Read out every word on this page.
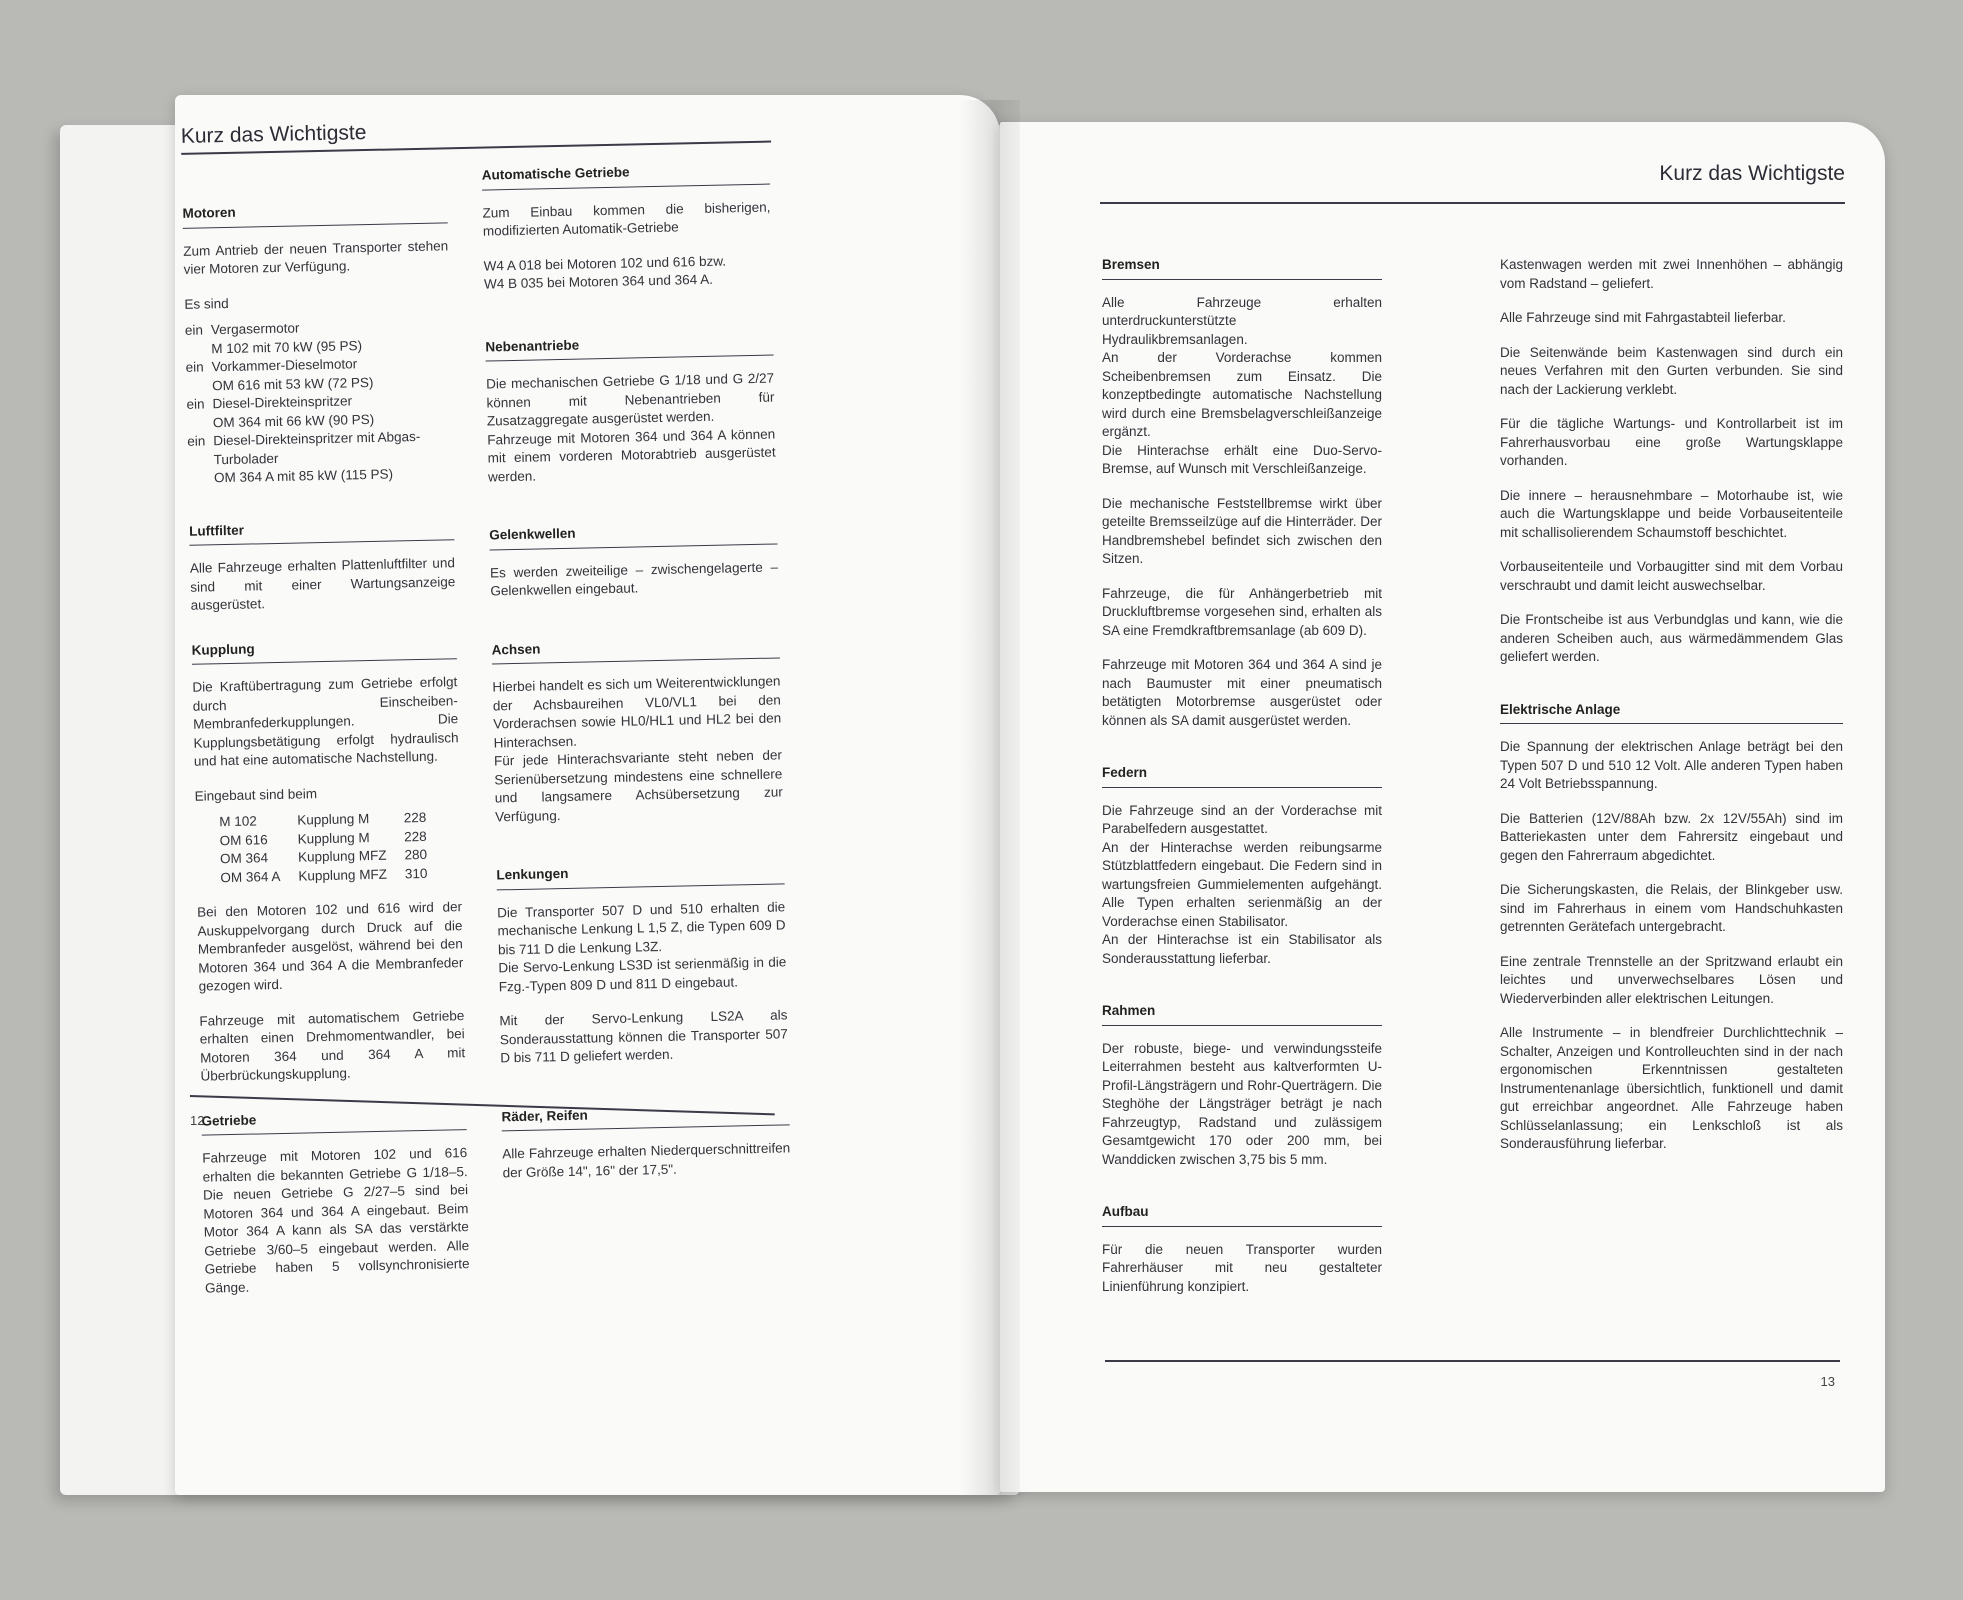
Kurz das Wichtigste
Motoren

Zum Antrieb der neuen Transporter stehen vier Motoren zur Verfügung.

Es sind

ein Vergasermotor
M 102 mit 70 kW (95 PS)
ein Vorkammer-Dieselmotor
OM 616 mit 53 kW (72 PS)
ein Diesel-Direkteinspritzer
OM 364 mit 66 kW (90 PS)
ein Diesel-Direkteinspritzer mit Abgas-Turbolader
OM 364 A mit 85 kW (115 PS)
Luftfilter

Alle Fahrzeuge erhalten Plattenluftfilter und sind mit einer Wartungsanzeige ausgerüstet.

Kupplung

Die Kraftübertragung zum Getriebe erfolgt durch Einscheiben-Membranfederkupplungen. Die Kupplungsbetätigung erfolgt hydraulisch und hat eine automatische Nachstellung.

Eingebaut sind beim

M 102	Kupplung M	228
OM 616	Kupplung M	228
OM 364	Kupplung MFZ	280
OM 364 A	Kupplung MFZ	310

Bei den Motoren 102 und 616 wird der Auskuppelvorgang durch Druck auf die Membranfeder ausgelöst, während bei den Motoren 364 und 364 A die Membranfeder gezogen wird.

Fahrzeuge mit automatischem Getriebe erhalten einen Drehmomentwandler, bei Motoren 364 und 364 A mit Überbrückungskupplung.

Getriebe

Fahrzeuge mit Motoren 102 und 616 erhalten die bekannten Getriebe G 1/18–5. Die neuen Getriebe G 2/27–5 sind bei Motoren 364 und 364 A eingebaut. Beim Motor 364 A kann als SA das verstärkte Getriebe 3/60–5 eingebaut werden. Alle Getriebe haben 5 vollsynchronisierte Gänge.

Automatische Getriebe

Zum Einbau kommen die bisherigen, modifizierten Automatik-Getriebe

W4 A 018 bei Motoren 102 und 616 bzw.

W4 B 035 bei Motoren 364 und 364 A.

Nebenantriebe

Die mechanischen Getriebe G 1/18 und G 2/27 können mit Nebenantrieben für Zusatzaggregate ausgerüstet werden.

Fahrzeuge mit Motoren 364 und 364 A können mit einem vorderen Motorabtrieb ausgerüstet werden.

Gelenkwellen

Es werden zweiteilige – zwischengelagerte – Gelenkwellen eingebaut.

Achsen

Hierbei handelt es sich um Weiterentwicklungen der Achsbaureihen VL0/VL1 bei den Vorderachsen sowie HL0/HL1 und HL2 bei den Hinterachsen.

Für jede Hinterachsvariante steht neben der Serienübersetzung mindestens eine schnellere und langsamere Achsübersetzung zur Verfügung.

Lenkungen

Die Transporter 507 D und 510 erhalten die mechanische Lenkung L 1,5 Z, die Typen 609 D bis 711 D die Lenkung L3Z.

Die Servo-Lenkung LS3D ist serienmäßig in die Fzg.-Typen 809 D und 811 D eingebaut.

Mit der Servo-Lenkung LS2A als Sonderausstattung können die Transporter 507 D bis 711 D geliefert werden.

Räder, Reifen

Alle Fahrzeuge erhalten Niederquerschnittreifen der Größe 14", 16" der 17,5".

12
Kurz das Wichtigste
Bremsen

Alle Fahrzeuge erhalten unterdruckunterstützte Hydraulikbremsanlagen.

An der Vorderachse kommen Scheibenbremsen zum Einsatz. Die konzeptbedingte automatische Nachstellung wird durch eine Bremsbelagverschleißanzeige ergänzt.

Die Hinterachse erhält eine Duo-Servo-Bremse, auf Wunsch mit Verschleißanzeige.

Die mechanische Feststellbremse wirkt über geteilte Bremsseilzüge auf die Hinterräder. Der Handbremshebel befindet sich zwischen den Sitzen.

Fahrzeuge, die für Anhängerbetrieb mit Druckluftbremse vorgesehen sind, erhalten als SA eine Fremdkraftbremsanlage (ab 609 D).

Fahrzeuge mit Motoren 364 und 364 A sind je nach Baumuster mit einer pneumatisch betätigten Motorbremse ausgerüstet oder können als SA damit ausgerüstet werden.

Federn

Die Fahrzeuge sind an der Vorderachse mit Parabelfedern ausgestattet.

An der Hinterachse werden reibungsarme Stützblattfedern eingebaut. Die Federn sind in wartungsfreien Gummielementen aufgehängt. Alle Typen erhalten serienmäßig an der Vorderachse einen Stabilisator.

An der Hinterachse ist ein Stabilisator als Sonderausstattung lieferbar.

Rahmen

Der robuste, biege- und verwindungssteife Leiterrahmen besteht aus kaltverformten U-Profil-Längsträgern und Rohr-Querträgern. Die Steghöhe der Längsträger beträgt je nach Fahrzeugtyp, Radstand und zulässigem Gesamtgewicht 170 oder 200 mm, bei Wanddicken zwischen 3,75 bis 5 mm.

Aufbau

Für die neuen Transporter wurden Fahrerhäuser mit neu gestalteter Linienführung konzipiert.

Kastenwagen werden mit zwei Innenhöhen – abhängig vom Radstand – geliefert.

Alle Fahrzeuge sind mit Fahrgastabteil lieferbar.

Die Seitenwände beim Kastenwagen sind durch ein neues Verfahren mit den Gurten verbunden. Sie sind nach der Lackierung verklebt.

Für die tägliche Wartungs- und Kontrollarbeit ist im Fahrerhausvorbau eine große Wartungsklappe vorhanden.

Die innere – herausnehmbare – Motorhaube ist, wie auch die Wartungsklappe und beide Vorbauseitenteile mit schallisolierendem Schaumstoff beschichtet.

Vorbauseitenteile und Vorbaugitter sind mit dem Vorbau verschraubt und damit leicht auswechselbar.

Die Frontscheibe ist aus Verbundglas und kann, wie die anderen Scheiben auch, aus wärmedämmendem Glas geliefert werden.

Elektrische Anlage

Die Spannung der elektrischen Anlage beträgt bei den Typen 507 D und 510 12 Volt. Alle anderen Typen haben 24 Volt Betriebsspannung.

Die Batterien (12V/88Ah bzw. 2x 12V/55Ah) sind im Batteriekasten unter dem Fahrersitz eingebaut und gegen den Fahrerraum abgedichtet.

Die Sicherungskasten, die Relais, der Blinkgeber usw. sind im Fahrerhaus in einem vom Handschuhkasten getrennten Gerätefach untergebracht.

Eine zentrale Trennstelle an der Spritzwand erlaubt ein leichtes und unverwechselbares Lösen und Wiederverbinden aller elektrischen Leitungen.

Alle Instrumente – in blendfreier Durchlichttechnik – Schalter, Anzeigen und Kontrolleuchten sind in der nach ergonomischen Erkenntnissen gestalteten Instrumentenanlage übersichtlich, funktionell und damit gut erreichbar angeordnet. Alle Fahrzeuge haben Schlüsselanlassung; ein Lenkschloß ist als Sonderausführung lieferbar.

13
